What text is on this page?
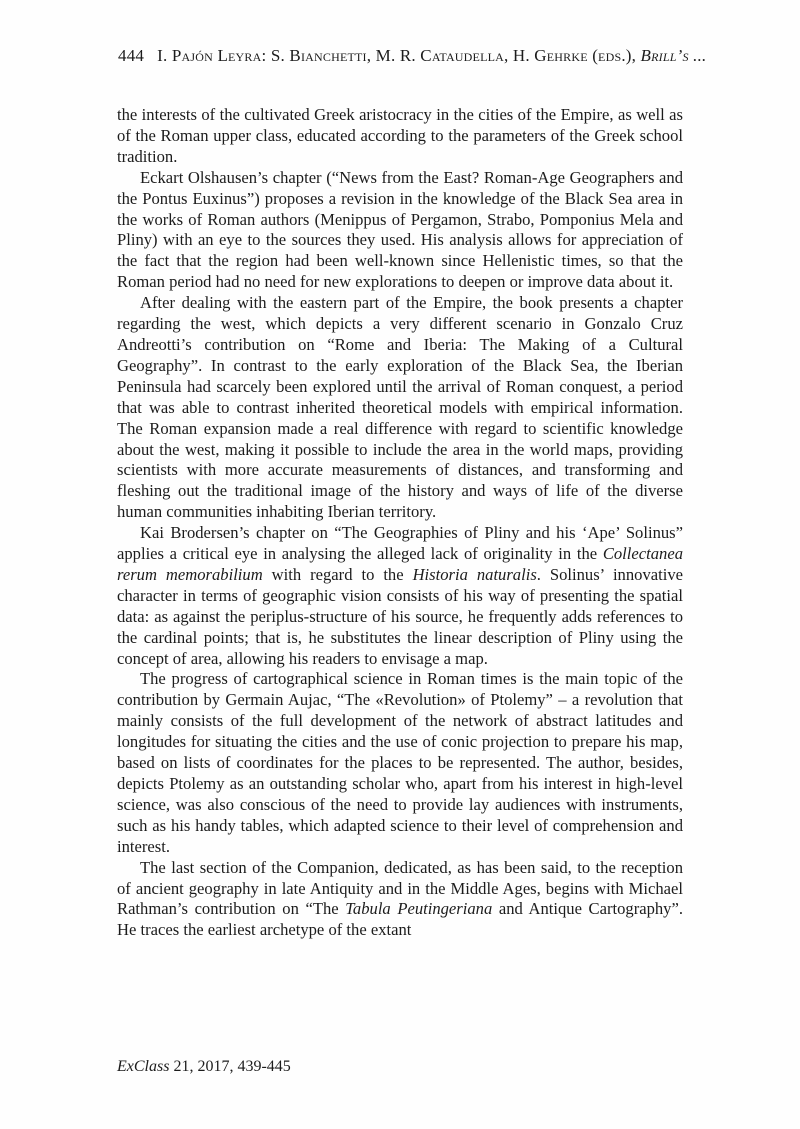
444 I. Pajón Leyra: S. Bianchetti, M. R. Cataudella, H. Gehrke (eds.), Brill’s ...

the interests of the cultivated Greek aristocracy in the cities of the Empire, as well as of the Roman upper class, educated according to the parameters of the Greek school tradition.

Eckart Olshausen’s chapter (“News from the East? Roman-Age Geographers and the Pontus Euxinus”) proposes a revision in the knowledge of the Black Sea area in the works of Roman authors (Menippus of Pergamon, Strabo, Pomponius Mela and Pliny) with an eye to the sources they used. His analysis allows for appreciation of the fact that the region had been well-known since Hellenistic times, so that the Roman period had no need for new explorations to deepen or improve data about it.

After dealing with the eastern part of the Empire, the book presents a chapter regarding the west, which depicts a very different scenario in Gonzalo Cruz Andreotti’s contribution on “Rome and Iberia: The Making of a Cultural Geography”. In contrast to the early exploration of the Black Sea, the Iberian Peninsula had scarcely been explored until the arrival of Roman conquest, a period that was able to contrast inherited theoretical models with empirical information. The Roman expansion made a real difference with regard to scientific knowledge about the west, making it possible to include the area in the world maps, providing scientists with more accurate measurements of distances, and transforming and fleshing out the traditional image of the history and ways of life of the diverse human communities inhabiting Iberian territory.

Kai Brodersen’s chapter on “The Geographies of Pliny and his ‘Ape’ Solinus” applies a critical eye in analysing the alleged lack of originality in the Collectanea rerum memorabilium with regard to the Historia naturalis. Solinus’ innovative character in terms of geographic vision consists of his way of presenting the spatial data: as against the periplus-structure of his source, he frequently adds references to the cardinal points; that is, he substitutes the linear description of Pliny using the concept of area, allowing his readers to envisage a map.

The progress of cartographical science in Roman times is the main topic of the contribution by Germain Aujac, “The «Revolution» of Ptolemy” – a revolution that mainly consists of the full development of the network of abstract latitudes and longitudes for situating the cities and the use of conic projection to prepare his map, based on lists of coordinates for the places to be represented. The author, besides, depicts Ptolemy as an outstanding scholar who, apart from his interest in high-level science, was also conscious of the need to provide lay audiences with instruments, such as his handy tables, which adapted science to their level of comprehension and interest.

The last section of the Companion, dedicated, as has been said, to the reception of ancient geography in late Antiquity and in the Middle Ages, begins with Michael Rathman’s contribution on “The Tabula Peutingeriana and Antique Cartography”. He traces the earliest archetype of the extant

ExClass 21, 2017, 439-445
